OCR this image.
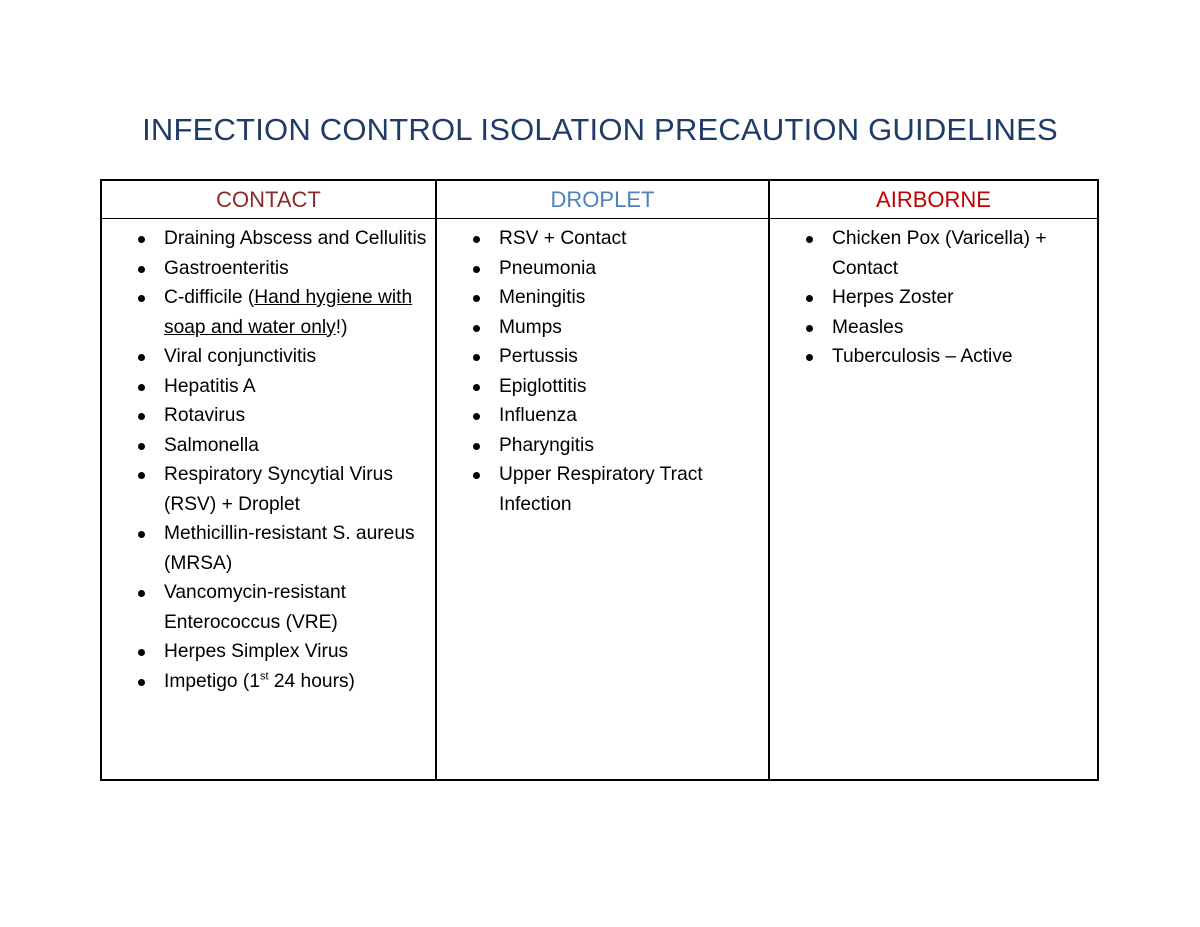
INFECTION CONTROL ISOLATION PRECAUTION GUIDELINES
CONTACT
Draining Abscess and Cellulitis
Gastroenteritis
C-difficile (Hand hygiene with soap and water only!)
Viral conjunctivitis
Hepatitis A
Rotavirus
Salmonella
Respiratory Syncytial Virus (RSV) + Droplet
Methicillin-resistant S. aureus (MRSA)
Vancomycin-resistant Enterococcus (VRE)
Herpes Simplex Virus
Impetigo (1st 24 hours)
DROPLET
RSV + Contact
Pneumonia
Meningitis
Mumps
Pertussis
Epiglottitis
Influenza
Pharyngitis
Upper Respiratory Tract Infection
AIRBORNE
Chicken Pox (Varicella) + Contact
Herpes Zoster
Measles
Tuberculosis – Active
